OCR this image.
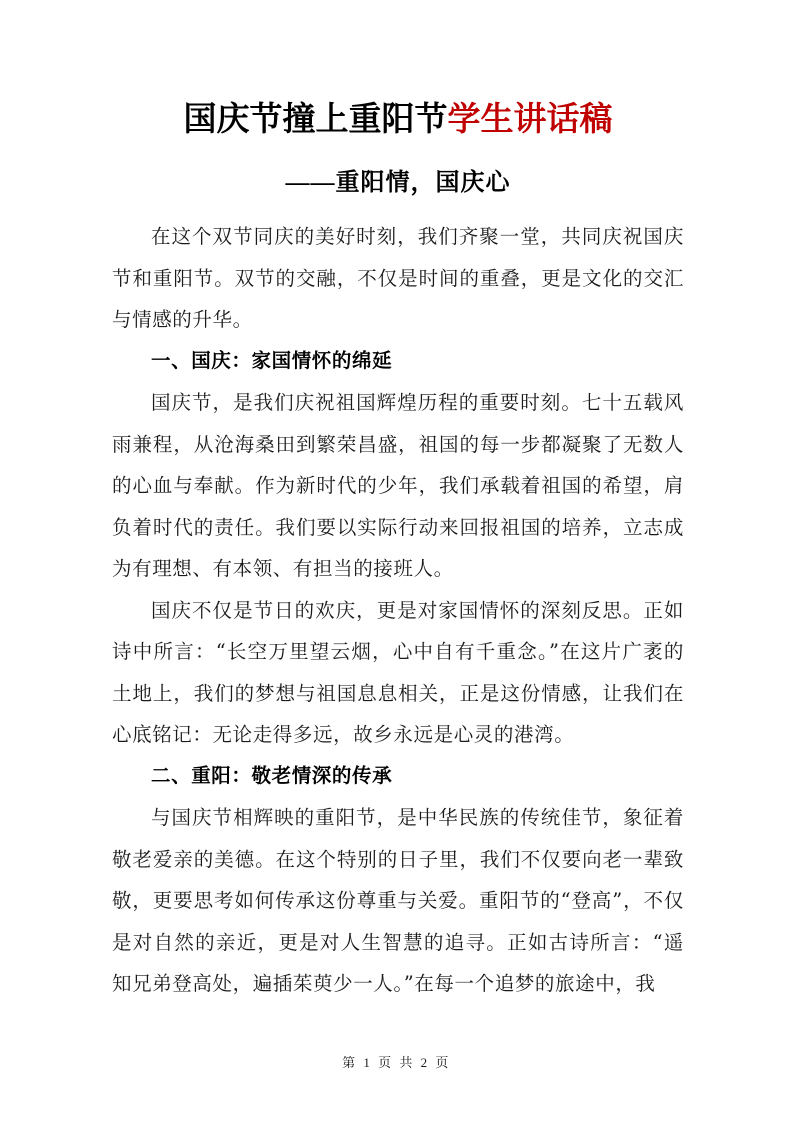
国庆节撞上重阳节学生讲话稿
——重阳情，国庆心

在这个双节同庆的美好时刻，我们齐聚一堂，共同庆祝国庆节和重阳节。双节的交融，不仅是时间的重叠，更是文化的交汇与情感的升华。

一、国庆：家国情怀的绵延

国庆节，是我们庆祝祖国辉煌历程的重要时刻。七十五载风雨兼程，从沧海桑田到繁荣昌盛，祖国的每一步都凝聚了无数人的心血与奉献。作为新时代的少年，我们承载着祖国的希望，肩负着时代的责任。我们要以实际行动来回报祖国的培养，立志成为有理想、有本领、有担当的接班人。

国庆不仅是节日的欢庆，更是对家国情怀的深刻反思。正如诗中所言：“长空万里望云烟，心中自有千重念。”在这片广袤的土地上，我们的梦想与祖国息息相关，正是这份情感，让我们在心底铭记：无论走得多远，故乡永远是心灵的港湾。

二、重阳：敬老情深的传承

与国庆节相辉映的重阳节，是中华民族的传统佳节，象征着敬老爱亲的美德。在这个特别的日子里，我们不仅要向老一辈致敬，更要思考如何传承这份尊重与关爱。重阳节的“登高”，不仅是对自然的亲近，更是对人生智慧的追寻。正如古诗所言：“遥知兄弟登高处，遍插茱萸少一人。”在每一个追梦的旅途中，我

第 1 页 共 2 页
